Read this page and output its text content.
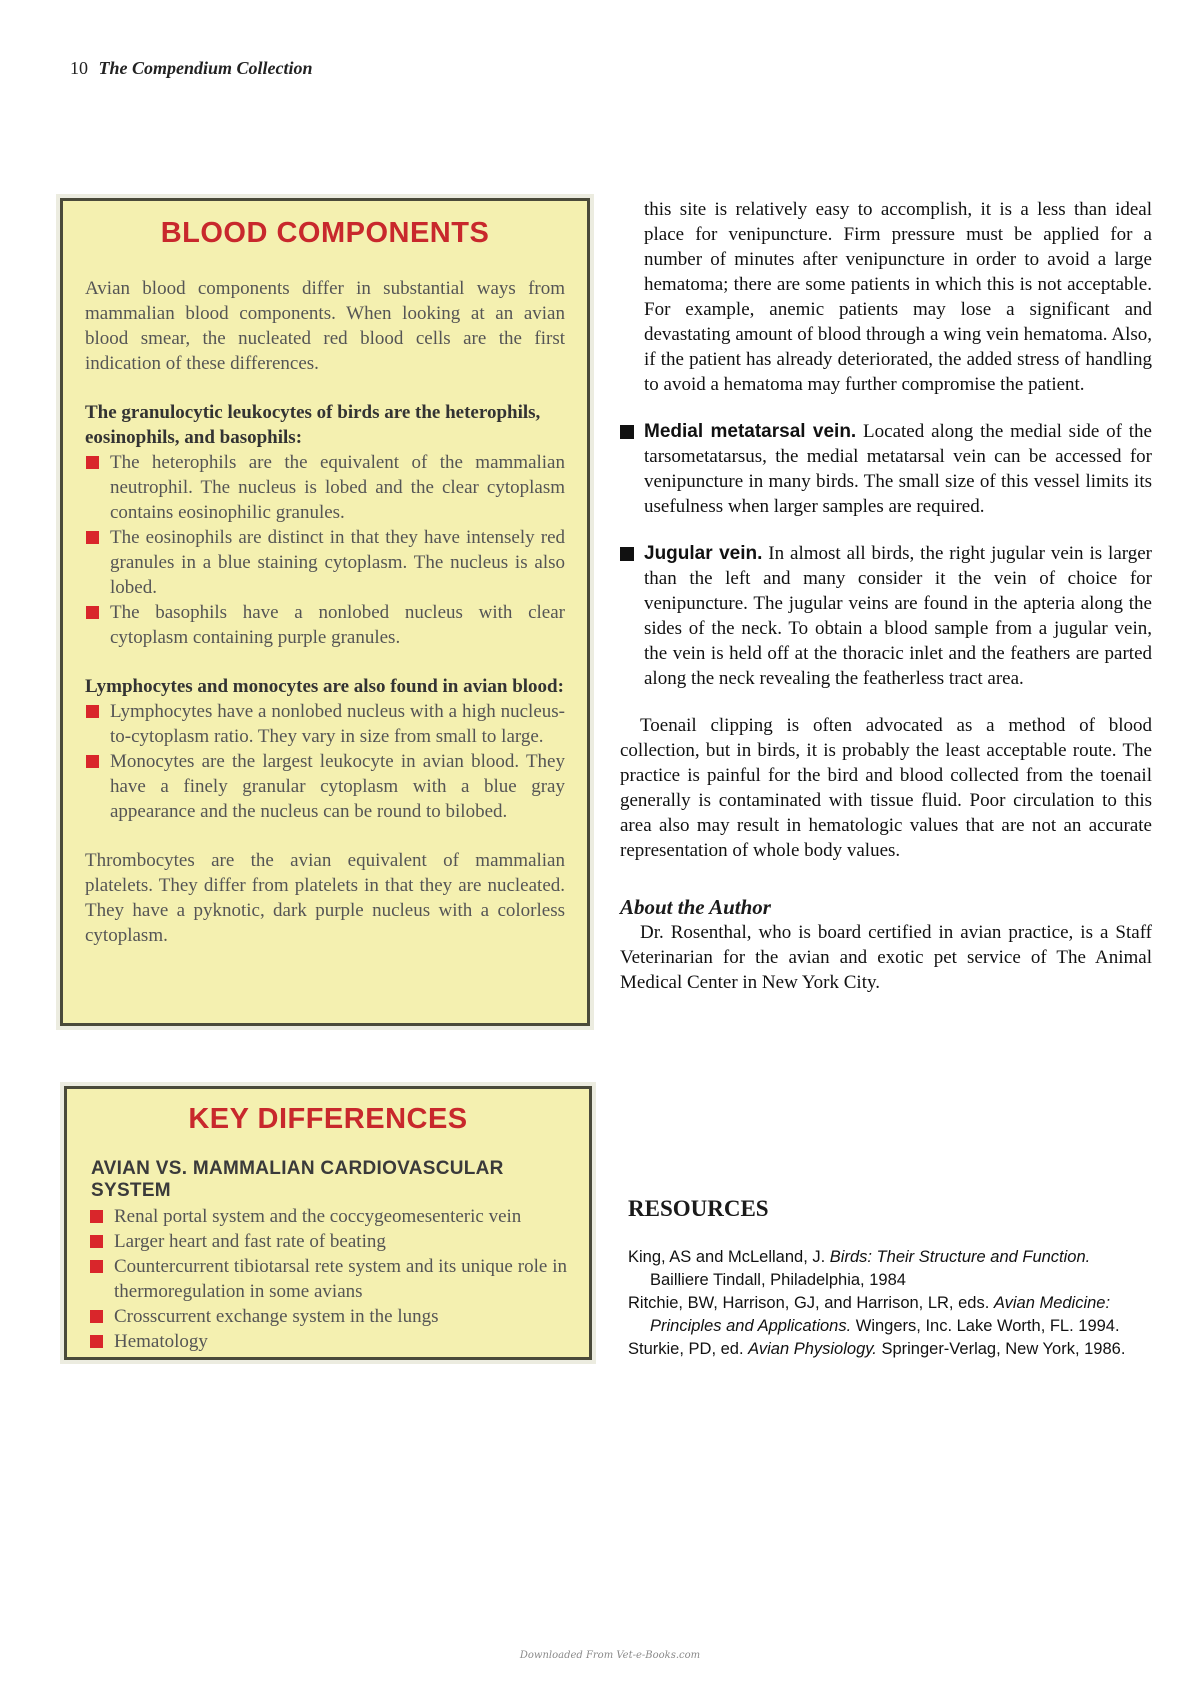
10 The Compendium Collection
BLOOD COMPONENTS

Avian blood components differ in substantial ways from mammalian blood components. When looking at an avian blood smear, the nucleated red blood cells are the first indication of these differences.

The granulocytic leukocytes of birds are the heterophils, eosinophils, and basophils:

The heterophils are the equivalent of the mammalian neutrophil. The nucleus is lobed and the clear cytoplasm contains eosinophilic granules.
The eosinophils are distinct in that they have intensely red granules in a blue staining cytoplasm. The nucleus is also lobed.
The basophils have a nonlobed nucleus with clear cytoplasm containing purple granules.

Lymphocytes and monocytes are also found in avian blood:

Lymphocytes have a nonlobed nucleus with a high nucleus-to-cytoplasm ratio. They vary in size from small to large.
Monocytes are the largest leukocyte in avian blood. They have a finely granular cytoplasm with a blue gray appearance and the nucleus can be round to bilobed.

Thrombocytes are the avian equivalent of mammalian platelets. They differ from platelets in that they are nucleated. They have a pyknotic, dark purple nucleus with a colorless cytoplasm.

KEY DIFFERENCES

AVIAN VS. MAMMALIAN CARDIOVASCULAR SYSTEM

Renal portal system and the coccygeomesenteric vein
Larger heart and fast rate of beating
Countercurrent tibiotarsal rete system and its unique role in thermoregulation in some avians
Crosscurrent exchange system in the lungs
Hematology

this site is relatively easy to accomplish, it is a less than ideal place for venipuncture. Firm pressure must be applied for a number of minutes after venipuncture in order to avoid a large hematoma; there are some patients in which this is not acceptable. For example, anemic patients may lose a significant and devastating amount of blood through a wing vein hematoma. Also, if the patient has already deteriorated, the added stress of handling to avoid a hematoma may further compromise the patient.

Medial metatarsal vein. Located along the medial side of the tarsometatarsus, the medial metatarsal vein can be accessed for venipuncture in many birds. The small size of this vessel limits its usefulness when larger samples are required.

Jugular vein. In almost all birds, the right jugular vein is larger than the left and many consider it the vein of choice for venipuncture. The jugular veins are found in the apteria along the sides of the neck. To obtain a blood sample from a jugular vein, the vein is held off at the thoracic inlet and the feathers are parted along the neck revealing the featherless tract area.

Toenail clipping is often advocated as a method of blood collection, but in birds, it is probably the least acceptable route. The practice is painful for the bird and blood collected from the toenail generally is contaminated with tissue fluid. Poor circulation to this area also may result in hematologic values that are not an accurate representation of whole body values.

About the Author

Dr. Rosenthal, who is board certified in avian practice, is a Staff Veterinarian for the avian and exotic pet service of The Animal Medical Center in New York City.

RESOURCES
King, AS and McLelland, J. Birds: Their Structure and Function. Bailliere Tindall, Philadelphia, 1984
Ritchie, BW, Harrison, GJ, and Harrison, LR, eds. Avian Medicine: Principles and Applications. Wingers, Inc. Lake Worth, FL. 1994.
Sturkie, PD, ed. Avian Physiology. Springer-Verlag, New York, 1986.
Downloaded From Vet-e-Books.com
